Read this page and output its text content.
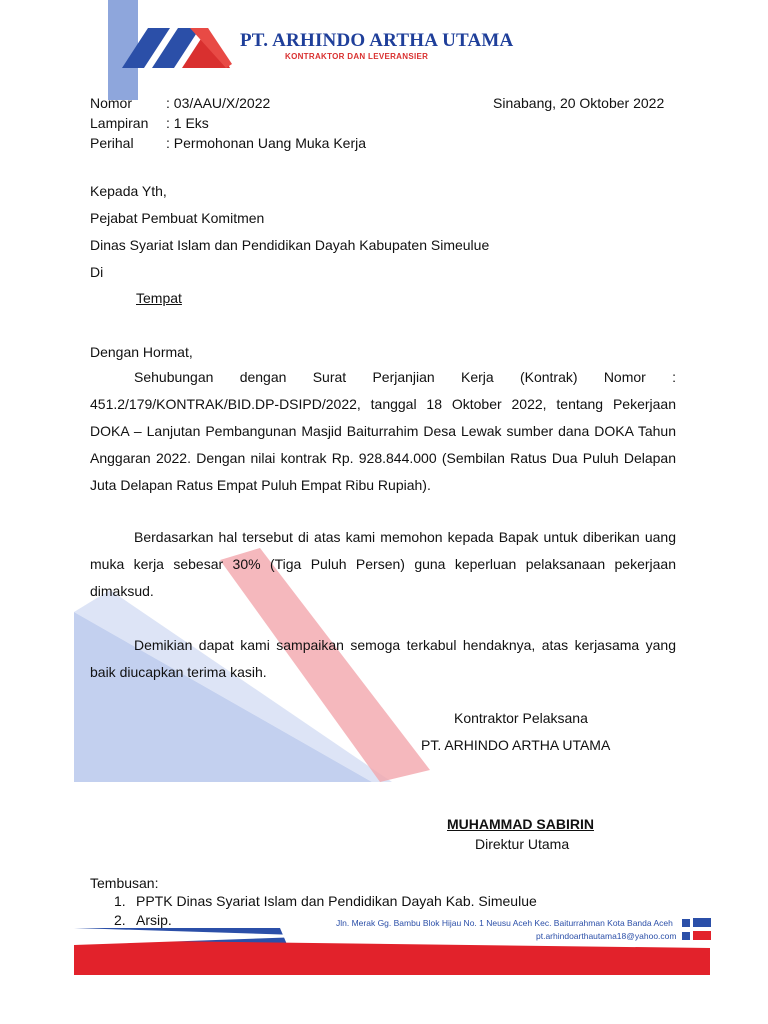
PT. ARHINDO ARTHA UTAMA
KONTRAKTOR DAN LEVERANSIER
Nomor : 03/AAU/X/2022	Sinabang, 20 Oktober 2022
Lampiran : 1 Eks
Perihal : Permohonan Uang Muka Kerja
Kepada Yth,
Pejabat Pembuat Komitmen
Dinas Syariat Islam dan Pendidikan Dayah Kabupaten Simeulue
Di
Tempat
Dengan Hormat,
Sehubungan dengan Surat Perjanjian Kerja (Kontrak) Nomor : 451.2/179/KONTRAK/BID.DP-DSIPD/2022, tanggal 18 Oktober 2022, tentang Pekerjaan DOKA – Lanjutan Pembangunan Masjid Baiturrahim Desa Lewak sumber dana DOKA Tahun Anggaran 2022. Dengan nilai kontrak Rp. 928.844.000 (Sembilan Ratus Dua Puluh Delapan Juta Delapan Ratus Empat Puluh Empat Ribu Rupiah).
Berdasarkan hal tersebut di atas kami memohon kepada Bapak untuk diberikan uang muka kerja sebesar 30% (Tiga Puluh Persen) guna keperluan pelaksanaan pekerjaan dimaksud.
Demikian dapat kami sampaikan semoga terkabul hendaknya, atas kerjasama yang baik diucapkan terima kasih.
Kontraktor Pelaksana
PT. ARHINDO ARTHA UTAMA
MUHAMMAD SABIRIN
Direktur Utama
Tembusan:
1. PPTK Dinas Syariat Islam dan Pendidikan Dayah Kab. Simeulue
2. Arsip.	Jln. Merak Gg. Bambu Blok Hijau No. 1 Neusu Aceh Kec. Baiturrahman Kota Banda Aceh
pt.arhindoarthautama18@yahoo.com
